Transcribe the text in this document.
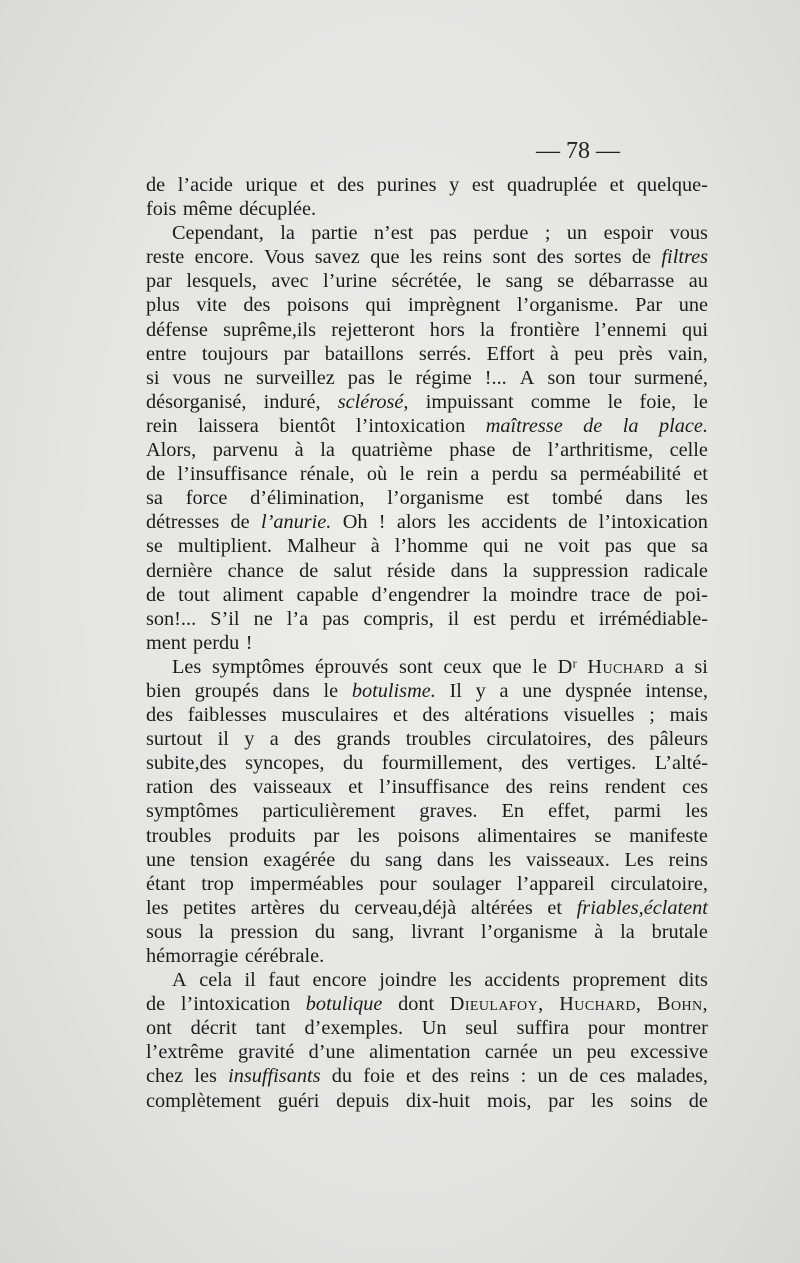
— 78 —
de l’acide urique et des purines y est quadruplée et quelque-
fois même décuplée.
Cependant, la partie n’est pas perdue ; un espoir vous
reste encore. Vous savez que les reins sont des sortes de filtres
par lesquels, avec l’urine sécrétée, le sang se débarrasse au
plus vite des poisons qui imprègnent l’organisme. Par une
défense suprême,ils rejetteront hors la frontière l’ennemi qui
entre toujours par bataillons serrés. Effort à peu près vain,
si vous ne surveillez pas le régime !... A son tour surmené,
désorganisé, induré, sclérosé, impuissant comme le foie, le
rein laissera bientôt l’intoxication maîtresse de la place.
Alors, parvenu à la quatrième phase de l’arthritisme, celle
de l’insuffisance rénale, où le rein a perdu sa perméabilité et
sa force d’élimination, l’organisme est tombé dans les
détresses de l’anurie. Oh ! alors les accidents de l’intoxication
se multiplient. Malheur à l’homme qui ne voit pas que sa
dernière chance de salut réside dans la suppression radicale
de tout aliment capable d’engendrer la moindre trace de poi-
son!... S’il ne l’a pas compris, il est perdu et irrémédiable-
ment perdu !
Les symptômes éprouvés sont ceux que le Dʳ Huchard a si
bien groupés dans le botulisme. Il y a une dyspnée intense,
des faiblesses musculaires et des altérations visuelles ; mais
surtout il y a des grands troubles circulatoires, des pâleurs
subite,des syncopes, du fourmillement, des vertiges. L’alté-
ration des vaisseaux et l’insuffisance des reins rendent ces
symptômes particulièrement graves. En effet, parmi les
troubles produits par les poisons alimentaires se manifeste
une tension exagérée du sang dans les vaisseaux. Les reins
étant trop imperméables pour soulager l’appareil circulatoire,
les petites artères du cerveau,déjà altérées et friables,éclatent
sous la pression du sang, livrant l’organisme à la brutale
hémorragie cérébrale.
A cela il faut encore joindre les accidents proprement dits
de l’intoxication botulique dont Dieulafoy, Huchard, Bohn,
ont décrit tant d’exemples. Un seul suffira pour montrer
l’extrême gravité d’une alimentation carnée un peu excessive
chez les insuffisants du foie et des reins : un de ces malades,
complètement guéri depuis dix-huit mois, par les soins de
